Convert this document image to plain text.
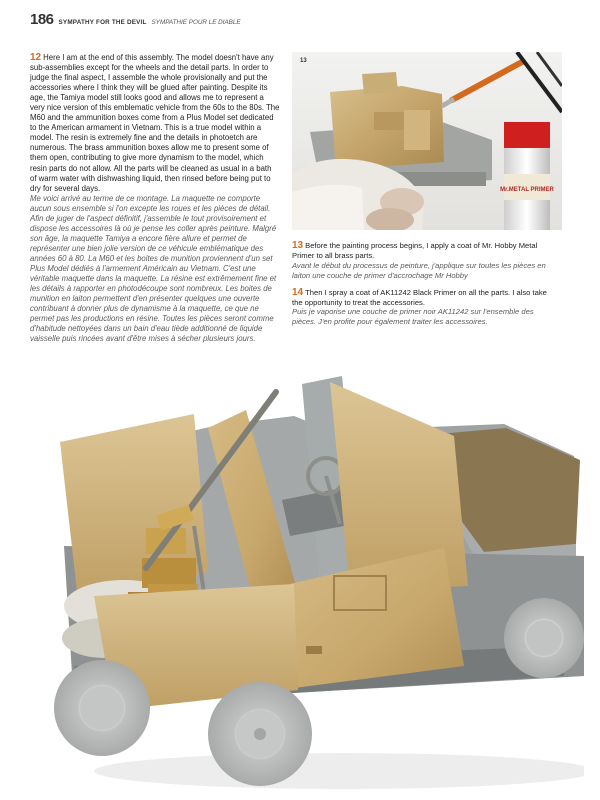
186 SYMPATHY FOR THE DEVIL SYMPATHIE POUR LE DIABLE

12 Here I am at the end of this assembly. The model doesn't have any sub-assemblies except for the wheels and the detail parts. In order to judge the final aspect, I assemble the whole provisionally and put the accessories where I think they will be glued after painting. Despite its age, the Tamiya model still looks good and allows me to represent a very nice version of this emblematic vehicle from the 60s to the 80s. The M60 and the ammunition boxes come from a Plus Model set dedicated to the American armament in Vietnam. This is a true model within a model. The resin is extremely fine and the details in photoetch are numerous. The brass ammunition boxes allow me to present some of them open, contributing to give more dynamism to the model, which resin parts do not allow. All the parts will be cleaned as usual in a bath of warm water with dishwashing liquid, then rinsed before being put to dry for several days.

Me voici arrivé au terme de ce montage. La maquette ne comporte aucun sous ensemble si l'on excepte les roues et les pièces de détail. Afin de juger de l'aspect définitif, j'assemble le tout provisoirement et dispose les accessoires là où je pense les coller après peinture. Malgré son âge, la maquette Tamiya a encore fière allure et permet de représenter une bien jolie version de ce véhicule emblématique des années 60 à 80. La M60 et les boites de munition proviennent d'un set Plus Model dédiés à l'armement Américain au Vietnam. C'est une véritable maquette dans la maquette. La résine est extrêmement fine et les détails à rapporter en photodécoupe sont nombreux. Les boites de munition en laiton permettent d'en présenter quelques une ouverte contribuant à donner plus de dynamisme à la maquette, ce que ne permet pas les productions en résine. Toutes les pièces seront comme d'habitude nettoyées dans un bain d'eau tiède additionné de liquide vaisselle puis rincées avant d'être mises à sécher plusieurs jours.

Mr.METAL PRIMER
13

13 Before the painting process begins, I apply a coat of Mr. Hobby Metal Primer to all brass parts.

Avant le début du processus de peinture, j'applique sur toutes les pièces en laiton une couche de primer d'accrochage Mr Hobby

14 Then I spray a coat of AK11242 Black Primer on all the parts. I also take the opportunity to treat the accessories.

Puis je vaporise une couche de primer noir AK11242 sur l'ensemble des pièces. J'en profite pour également traiter les accessoires.
